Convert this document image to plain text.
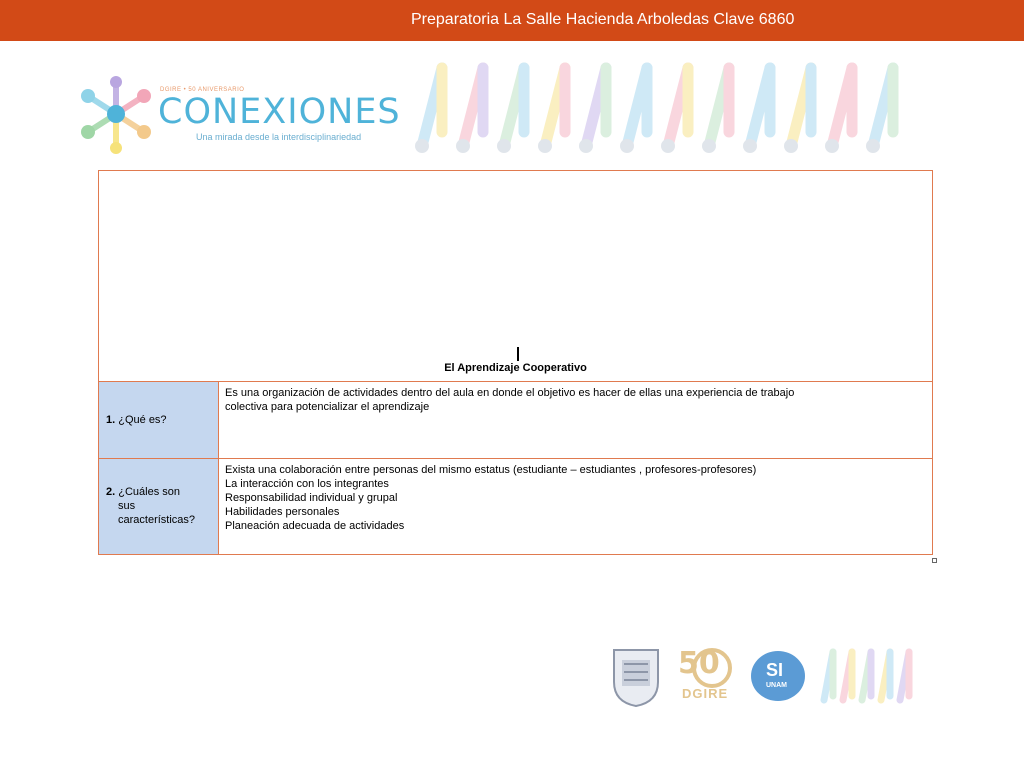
Preparatoria La Salle Hacienda Arboledas Clave 6860
DGIRE • 50 ANIVERSARIO
CONEXIONES
Una mirada desde la interdisciplinariedad
El Aprendizaje Cooperativo
1. ¿Qué es?
Es una organización de actividades dentro del aula en donde el objetivo es hacer de ellas una experiencia de trabajo
colectiva para potencializar el aprendizaje
2. ¿Cuáles son
sus
características?
Exista una colaboración entre personas del mismo estatus (estudiante – estudiantes , profesores-profesores)
La interacción con los integrantes
Responsabilidad individual y grupal
Habilidades personales
Planeación adecuada de actividades
50
DGIRE
SI
UNAM
